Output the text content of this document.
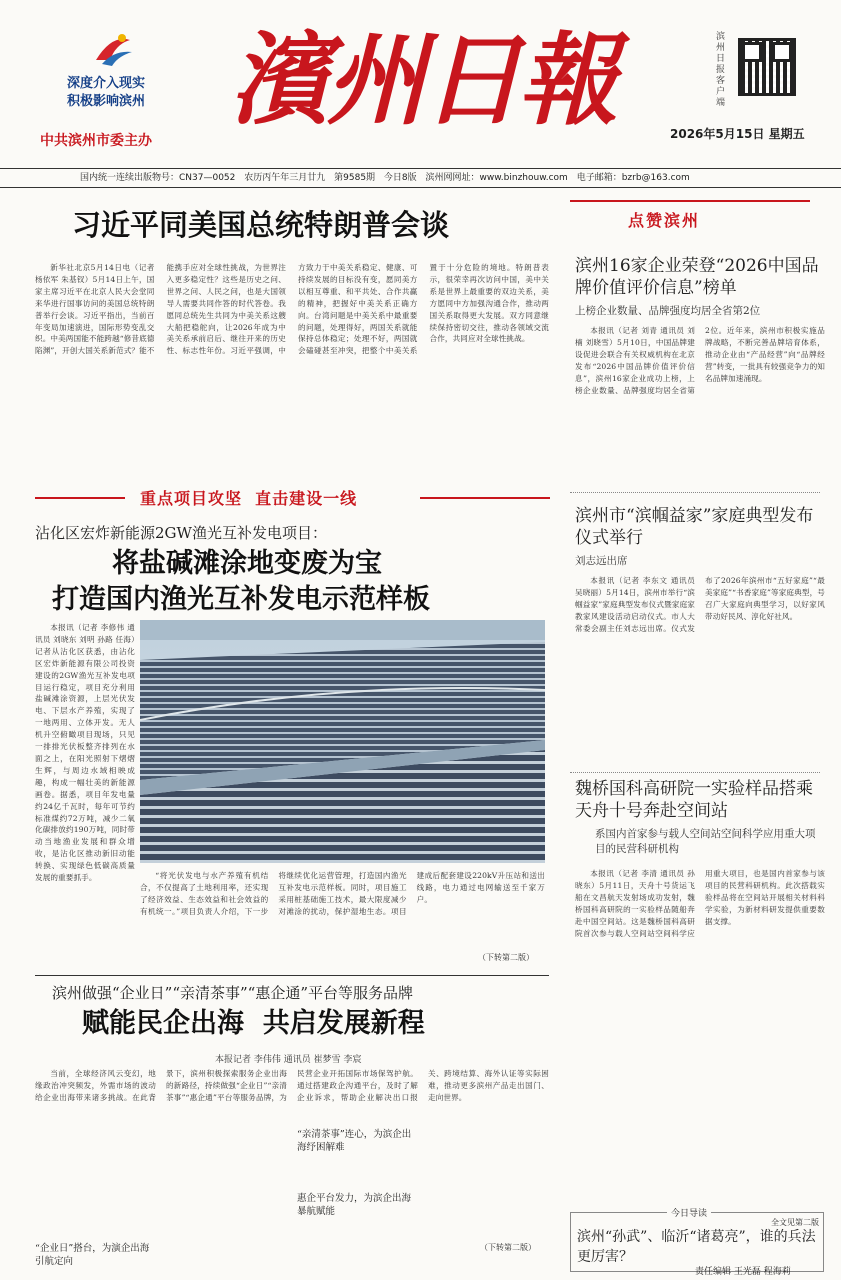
深度介入现实
积极影响滨州
中共滨州市委主办
濱州日報	滨州日报客户端
2026年5月15日 星期五
国内统一连续出版物号：CN37—0052 农历丙午年三月廿九 第9585期 今日8版 滨州网网址：www.binzhouw.com 电子邮箱：bzrb@163.com
习近平同美国总统特朗普会谈

新华社北京5月14日电（记者杨依军 朱基钗）5月14日上午，国家主席习近平在北京人民大会堂同来华进行国事访问的美国总统特朗普举行会谈。习近平指出，当前百年变局加速演进，国际形势变乱交织。中美两国能不能跨越“修昔底德陷渊”，开创大国关系新范式？能不能携手应对全球性挑战，为世界注入更多稳定性？这些是历史之问、世界之问、人民之问，也是大国领导人需要共同作答的时代答卷。我愿同总统先生共同为中美关系这艘大船把稳舵向，让2026年成为中美关系承前启后、继往开来的历史性、标志性年份。习近平强调，中方致力于中美关系稳定、健康、可持续发展的目标没有变，愿同美方以相互尊重、和平共处、合作共赢的精神，把握好中美关系正确方向。台湾问题是中美关系中最重要的问题，处理得好，两国关系就能保持总体稳定；处理不好，两国就会磕碰甚至冲突，把整个中美关系置于十分危险的境地。特朗普表示，很荣幸再次访问中国，美中关系是世界上最重要的双边关系，美方愿同中方加强沟通合作，推动两国关系取得更大发展。双方同意继续保持密切交往，推动各领域交流合作，共同应对全球性挑战。

重点项目攻坚  直击建设一线
沾化区宏炸新能源2GW渔光互补发电项目：
将盐碱滩涂地变废为宝
打造国内渔光互补发电示范样板

本报讯（记者 李修伟 通讯员 刘晓东 刘明 孙路 任海）记者从沾化区获悉，由沾化区宏炸新能源有限公司投资建设的2GW渔光互补发电项目运行稳定，项目充分利用盐碱滩涂资源，上层光伏发电、下层水产养殖，实现了一地两用、立体开发。无人机升空俯瞰项目现场，只见一排排光伏板整齐排列在水面之上，在阳光照射下熠熠生辉，与周边水域相映成趣，构成一幅壮美的新能源画卷。据悉，项目年发电量约24亿千瓦时，每年可节约标准煤约72万吨，减少二氧化碳排放约190万吨，同时带动当地渔业发展和群众增收，是沾化区推动新旧动能转换、实现绿色低碳高质量发展的重要抓手。	“将光伏发电与水产养殖有机结合，不仅提高了土地利用率，还实现了经济效益、生态效益和社会效益的有机统一。”项目负责人介绍，下一步将继续优化运营管理，打造国内渔光互补发电示范样板。同时，项目施工采用桩基础施工技术，最大限度减少对滩涂的扰动，保护湿地生态。项目建成后配套建设220kV升压站和送出线路，电力通过电网输送至千家万户。

（下转第二版）
滨州做强“企业日”“亲清茶事”“惠企通”平台等服务品牌
赋能民企出海  共启发展新程
本报记者 李伟伟 通讯员 崔梦雪 李宸

当前，全球经济风云变幻，地缘政治冲突频发，外需市场的波动给企业出海带来诸多挑战。在此背景下，滨州积极探索服务企业出海的新路径，持续做强“企业日”“亲清茶事”“惠企通”平台等服务品牌，为民营企业开拓国际市场保驾护航。通过搭建政企沟通平台，及时了解企业诉求，帮助企业解决出口报关、跨境结算、海外认证等实际困难，推动更多滨州产品走出国门、走向世界。

“企业日”搭台，为演企出海引航定向
“亲清茶事”连心，为滨企出海纾困解难
惠企平台发力，为滨企出海暴航赋能
（下转第二版）
点赞滨州
滨州16家企业荣登“2026中国品牌价值评价信息”榜单
上榜企业数量、品牌强度均居全省第2位

本报讯（记者 刘青 通讯员 刘楠 刘晓雪）5月10日，中国品牌建设促进会联合有关权威机构在北京发布“2026中国品牌价值评价信息”，滨州16家企业成功上榜，上榜企业数量、品牌强度均居全省第2位。近年来，滨州市积极实施品牌战略，不断完善品牌培育体系，推动企业由“产品经营”向“品牌经营”转变，一批具有较强竞争力的知名品牌加速涌现。

滨州市“滨帼益家”家庭典型发布仪式举行
刘志远出席

本报讯（记者 李东文 通讯员 吴晓丽）5月14日，滨州市举行“滨帼益家”家庭典型发布仪式暨家庭家教家风建设活动启动仪式。市人大常委会副主任刘志远出席。仪式发布了2026年滨州市“五好家庭”“最美家庭”“书香家庭”等家庭典型，号召广大家庭向典型学习，以好家风带动好民风、淳化好社风。

魏桥国科高研院一实验样品搭乘天舟十号奔赴空间站
系国内首家参与载人空间站空间科学应用重大项目的民营科研机构

本报讯（记者 李清 通讯员 孙晓东）5月11日，天舟十号货运飞船在文昌航天发射场成功发射，魏桥国科高研院的一实验样品随船奔赴中国空间站。这是魏桥国科高研院首次参与载人空间站空间科学应用重大项目，也是国内首家参与该项目的民营科研机构。此次搭载实验样品将在空间站开展相关材料科学实验，为新材料研发提供重要数据支撑。

今日导读
全文见第二版
滨州“孙武”、临沂“诸葛亮”，谁的兵法更厉害？
责任编辑 王光磊 程海莉
